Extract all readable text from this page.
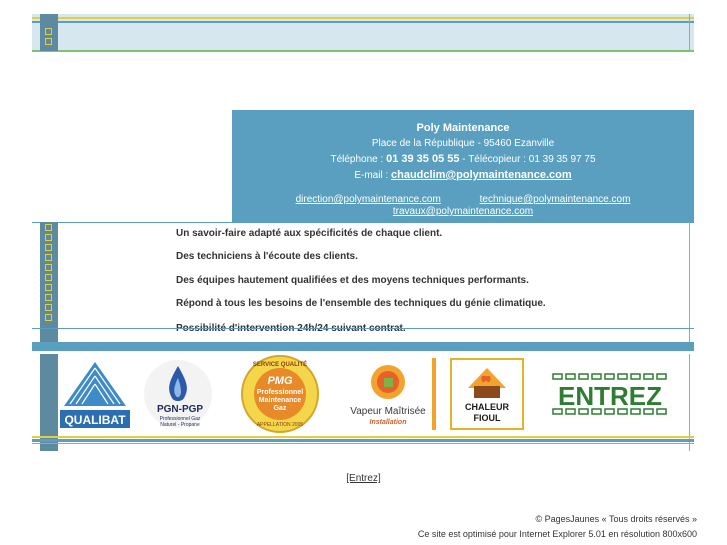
Poly Maintenance
Place de la République - 95460 Ezanville
Téléphone : 01 39 35 05 55 - Télécopieur : 01 39 35 97 75
E-mail : chaudclim@polymaintenance.com
direction@polymaintenance.com	technique@polymaintenance.com
travaux@polymaintenance.com
Un savoir-faire adapté aux spécificités de chaque client.
Des techniciens à l'écoute des clients.
Des équipes hautement qualifiées et des moyens techniques performants.
Répond à tous les besoins de l'ensemble des techniques du génie climatique.
QUALIBAT
PGN-PGP
Professionnel Gaz
Naturel - Propane
SERVICE QUALITÉ
PMG
Professionnel
Maintenance
Gaz
APPELLATION 2005
Vapeur Maîtrisée
Installation
CHALEUR
FIOUL
ENTREZ
[Entrez]
© PagesJaunes « Tous droits réservés »
Ce site est optimisé pour Internet Explorer 5.01 en résolution 800x600
